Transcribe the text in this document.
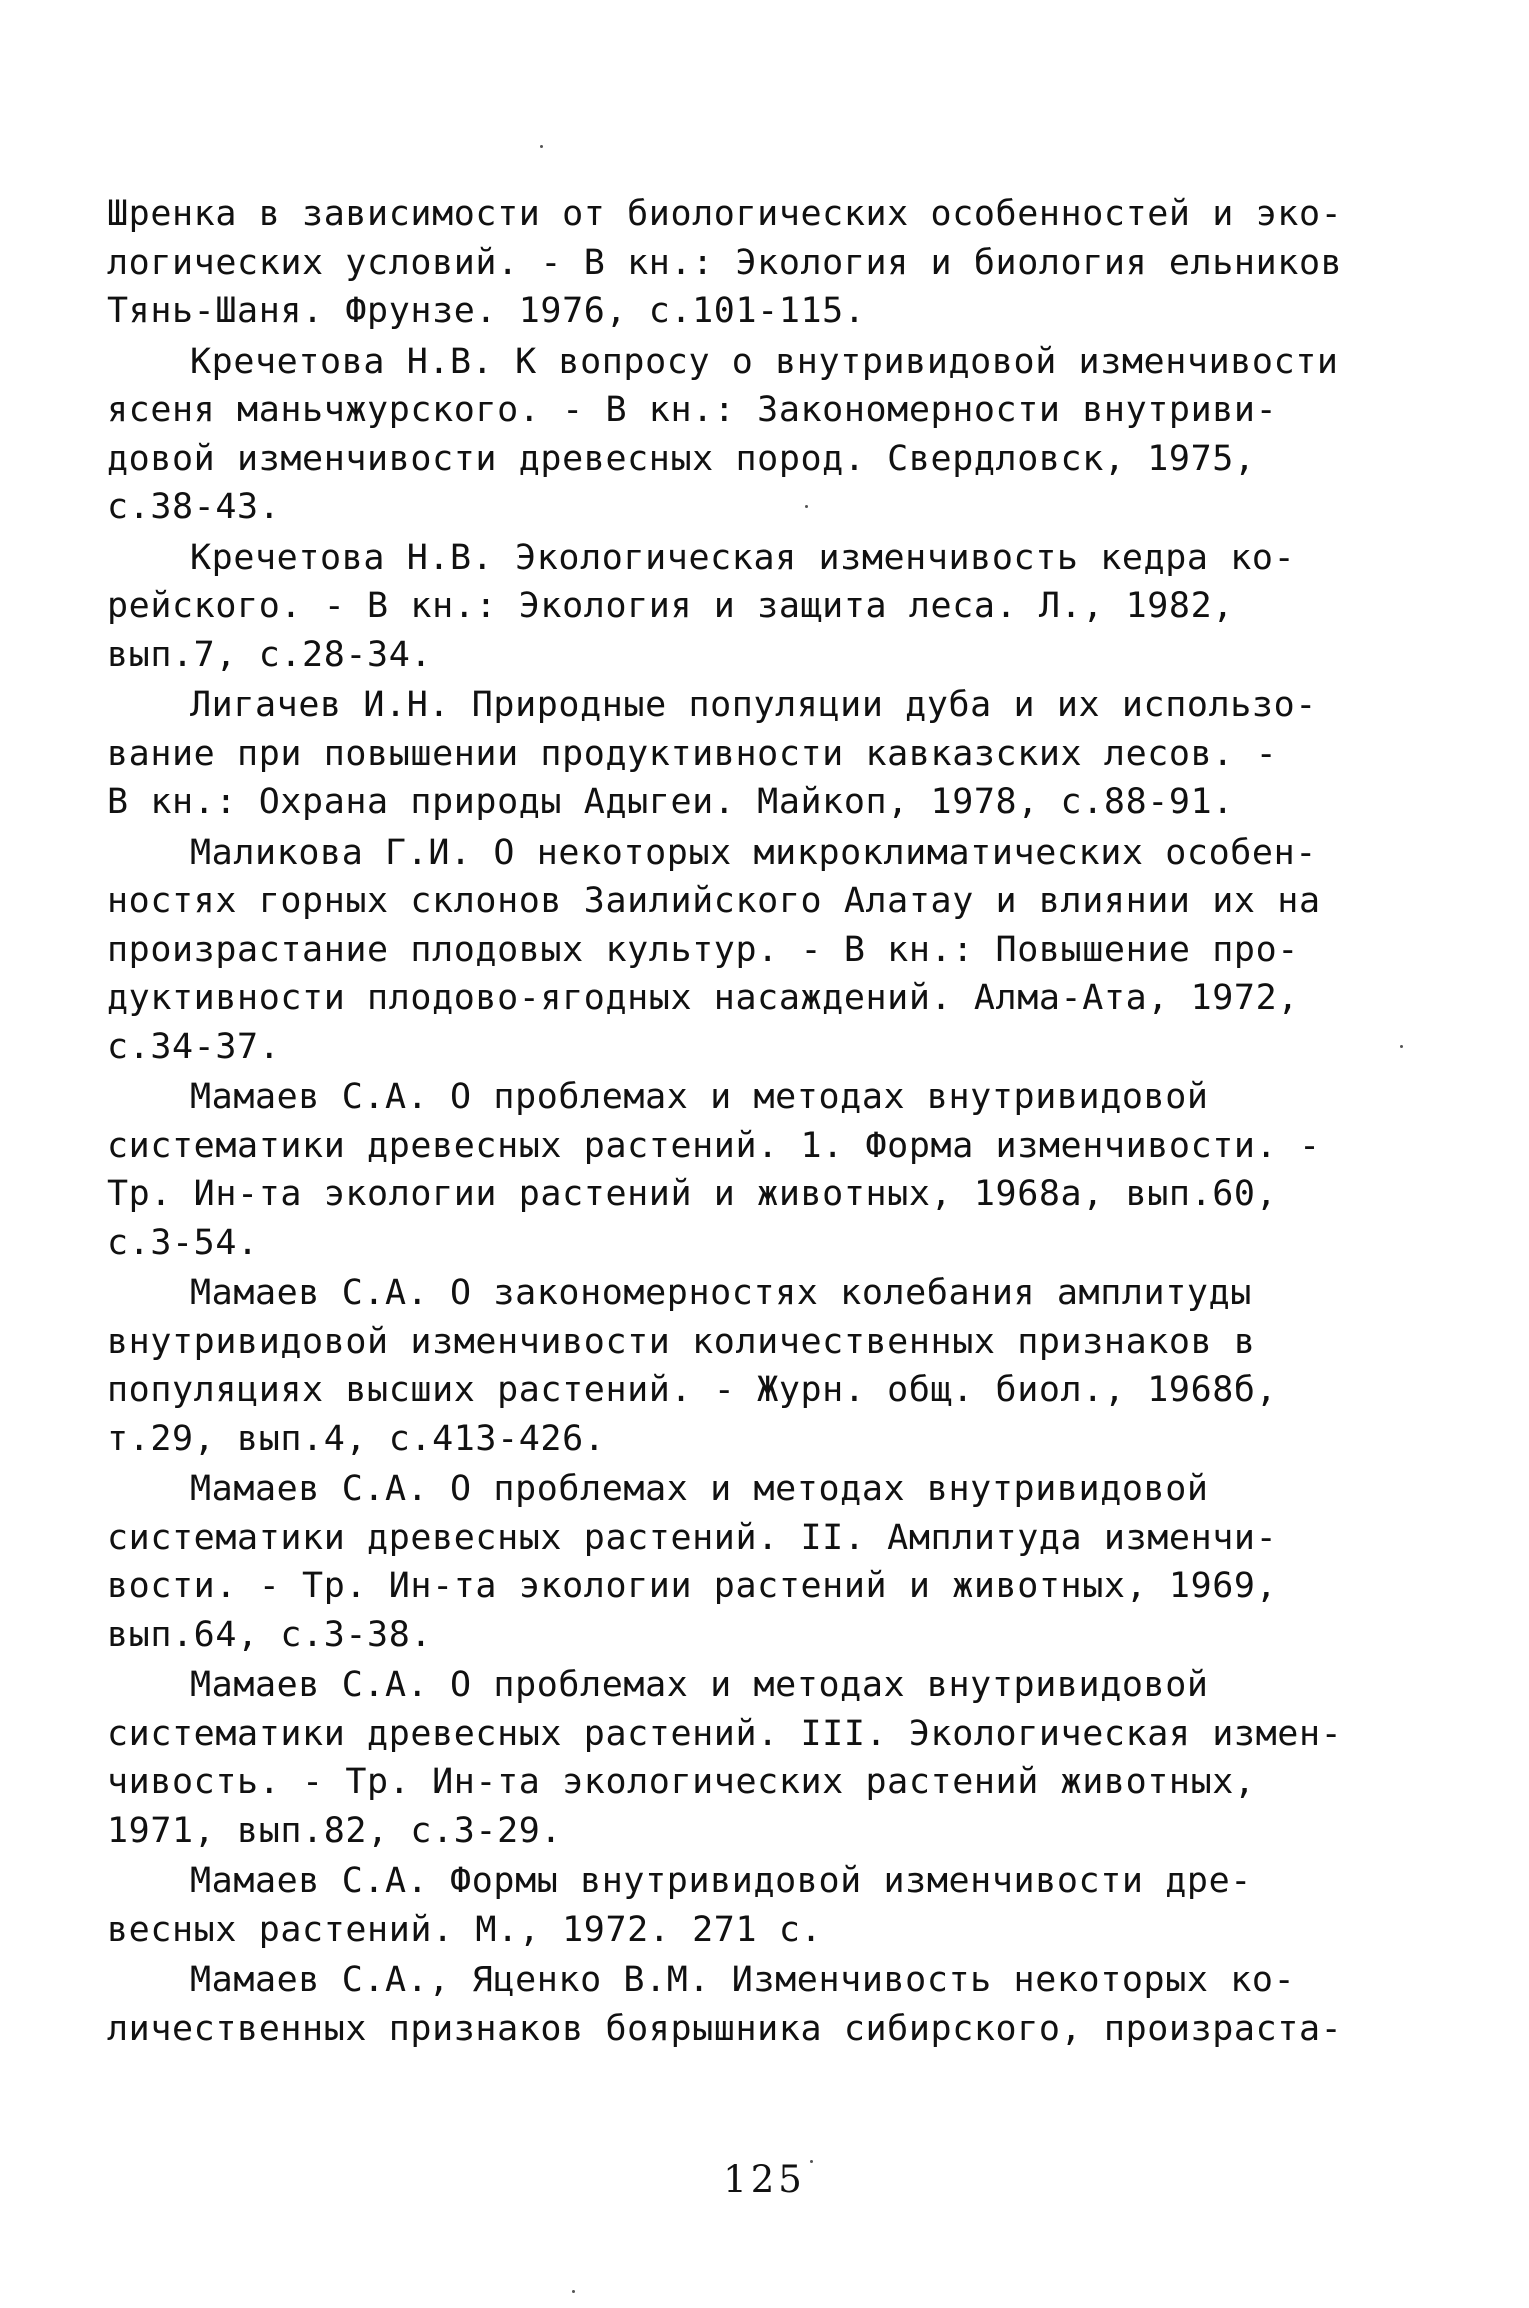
Шренка в зависимости от биологических особенностей и эко-
логических условий. - В кн.: Экология и биология ельников
Тянь-Шаня. Фрунзе. 1976, с.101-115.
Кречетова Н.В. К вопросу о внутривидовой изменчивости
ясеня маньчжурского. - В кн.: Закономерности внутриви-
довой изменчивости древесных пород. Свердловск, 1975,
с.38-43.
Кречетова Н.В. Экологическая изменчивость кедра ко-
рейского. - В кн.: Экология и защита леса. Л., 1982,
вып.7, с.28-34.
Лигачев И.Н. Природные популяции дуба и их использо-
вание при повышении продуктивности кавказских лесов. -
В кн.: Охрана природы Адыгеи. Майкоп, 1978, с.88-91.
Маликова Г.И. О некоторых микроклиматических особен-
ностях горных склонов Заилийского Алатау и влиянии их на
произрастание плодовых культур. - В кн.: Повышение про-
дуктивности плодово-ягодных насаждений. Алма-Ата, 1972,
с.34-37.
Мамаев С.А. О проблемах и методах внутривидовой
систематики древесных растений. 1. Форма изменчивости. -
Тр. Ин-та экологии растений и животных, 1968а, вып.60,
с.3-54.
Мамаев С.А. О закономерностях колебания амплитуды
внутривидовой изменчивости количественных признаков в
популяциях высших растений. - Журн. общ. биол., 1968б,
т.29, вып.4, с.413-426.
Мамаев С.А. О проблемах и методах внутривидовой
систематики древесных растений. II. Амплитуда изменчи-
вости. - Тр. Ин-та экологии растений и животных, 1969,
вып.64, с.3-38.
Мамаев С.А. О проблемах и методах внутривидовой
систематики древесных растений. III. Экологическая измен-
чивость. - Тр. Ин-та экологических растений животных,
1971, вып.82, с.3-29.
Мамаев С.А. Формы внутривидовой изменчивости дре-
весных растений. М., 1972. 271 с.
Мамаев С.А., Яценко В.М. Изменчивость некоторых ко-
личественных признаков боярышника сибирского, произраста-
125
